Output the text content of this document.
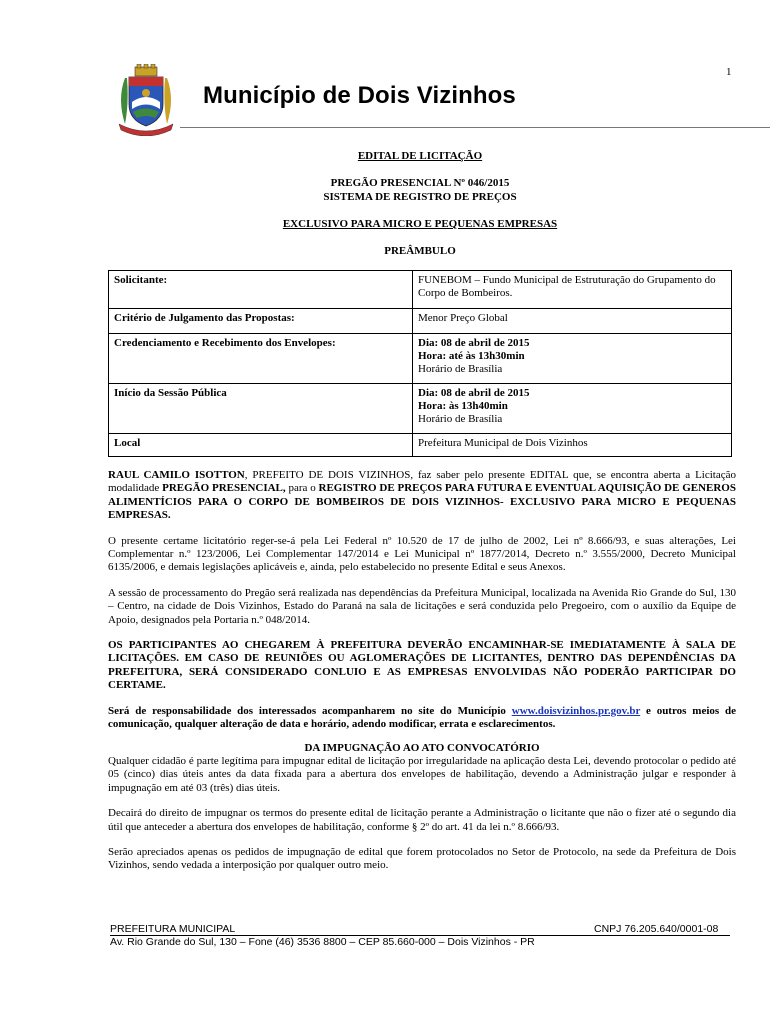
1
Município de Dois Vizinhos
EDITAL DE LICITAÇÃO
PREGÃO PRESENCIAL Nº 046/2015
SISTEMA DE REGISTRO DE PREÇOS
EXCLUSIVO PARA MICRO E PEQUENAS EMPRESAS
PREÂMBULO
Solicitante:	FUNEBOM – Fundo Municipal de Estruturação do Grupamento do Corpo de Bombeiros.
Critério de Julgamento das Propostas:	Menor Preço Global
Credenciamento e Recebimento dos Envelopes:	Dia: 08 de abril de 2015
Hora: até às 13h30min
Horário de Brasília

Início da Sessão Pública	Dia: 08 de abril de 2015
Hora: às 13h40min
Horário de Brasília

Local	Prefeitura Municipal de Dois Vizinhos

RAUL CAMILO ISOTTON, PREFEITO DE DOIS VIZINHOS, faz saber pelo presente EDITAL que, se encontra aberta a Licitação modalidade PREGÃO PRESENCIAL, para o REGISTRO DE PREÇOS PARA FUTURA E EVENTUAL AQUISIÇÃO DE GENEROS ALIMENTÍCIOS PARA O CORPO DE BOMBEIROS DE DOIS VIZINHOS- EXCLUSIVO PARA MICRO E PEQUENAS EMPRESAS.

O presente certame licitatório reger-se-á pela Lei Federal nº 10.520 de 17 de julho de 2002, Lei nº 8.666/93, e suas alterações, Lei Complementar n.º 123/2006, Lei Complementar 147/2014 e Lei Municipal nº 1877/2014, Decreto n.º 3.555/2000, Decreto Municipal 6135/2006, e demais legislações aplicáveis e, ainda, pelo estabelecido no presente Edital e seus Anexos.

A sessão de processamento do Pregão será realizada nas dependências da Prefeitura Municipal, localizada na Avenida Rio Grande do Sul, 130 – Centro, na cidade de Dois Vizinhos, Estado do Paraná na sala de licitações e será conduzida pelo Pregoeiro, com o auxílio da Equipe de Apoio, designados pela Portaria n.º 048/2014.

OS PARTICIPANTES AO CHEGAREM À PREFEITURA DEVERÃO ENCAMINHAR-SE IMEDIATAMENTE À SALA DE LICITAÇÕES. EM CASO DE REUNIÕES OU AGLOMERAÇÕES DE LICITANTES, DENTRO DAS DEPENDÊNCIAS DA PREFEITURA, SERÁ CONSIDERADO CONLUIO E AS EMPRESAS ENVOLVIDAS NÃO PODERÃO PARTICIPAR DO CERTAME.

Será de responsabilidade dos interessados acompanharem no site do Município www.doisvizinhos.pr.gov.br e outros meios de comunicação, qualquer alteração de data e horário, adendo modificar, errata e esclarecimentos.

DA IMPUGNAÇÃO AO ATO CONVOCATÓRIO

Qualquer cidadão é parte legítima para impugnar edital de licitação por irregularidade na aplicação desta Lei, devendo protocolar o pedido até 05 (cinco) dias úteis antes da data fixada para a abertura dos envelopes de habilitação, devendo a Administração julgar e responder à impugnação em até 03 (três) dias úteis.

Decairá do direito de impugnar os termos do presente edital de licitação perante a Administração o licitante que não o fizer até o segundo dia útil que anteceder a abertura dos envelopes de habilitação, conforme § 2º do art. 41 da lei n.º 8.666/93.

Serão apreciados apenas os pedidos de impugnação de edital que forem protocolados no Setor de Protocolo, na sede da Prefeitura de Dois Vizinhos, sendo vedada a interposição por qualquer outro meio.

PREFEITURA MUNICIPAL	CNPJ 76.205.640/0001-08
Av. Rio Grande do Sul, 130 – Fone (46) 3536 8800 – CEP 85.660-000 – Dois Vizinhos - PR
